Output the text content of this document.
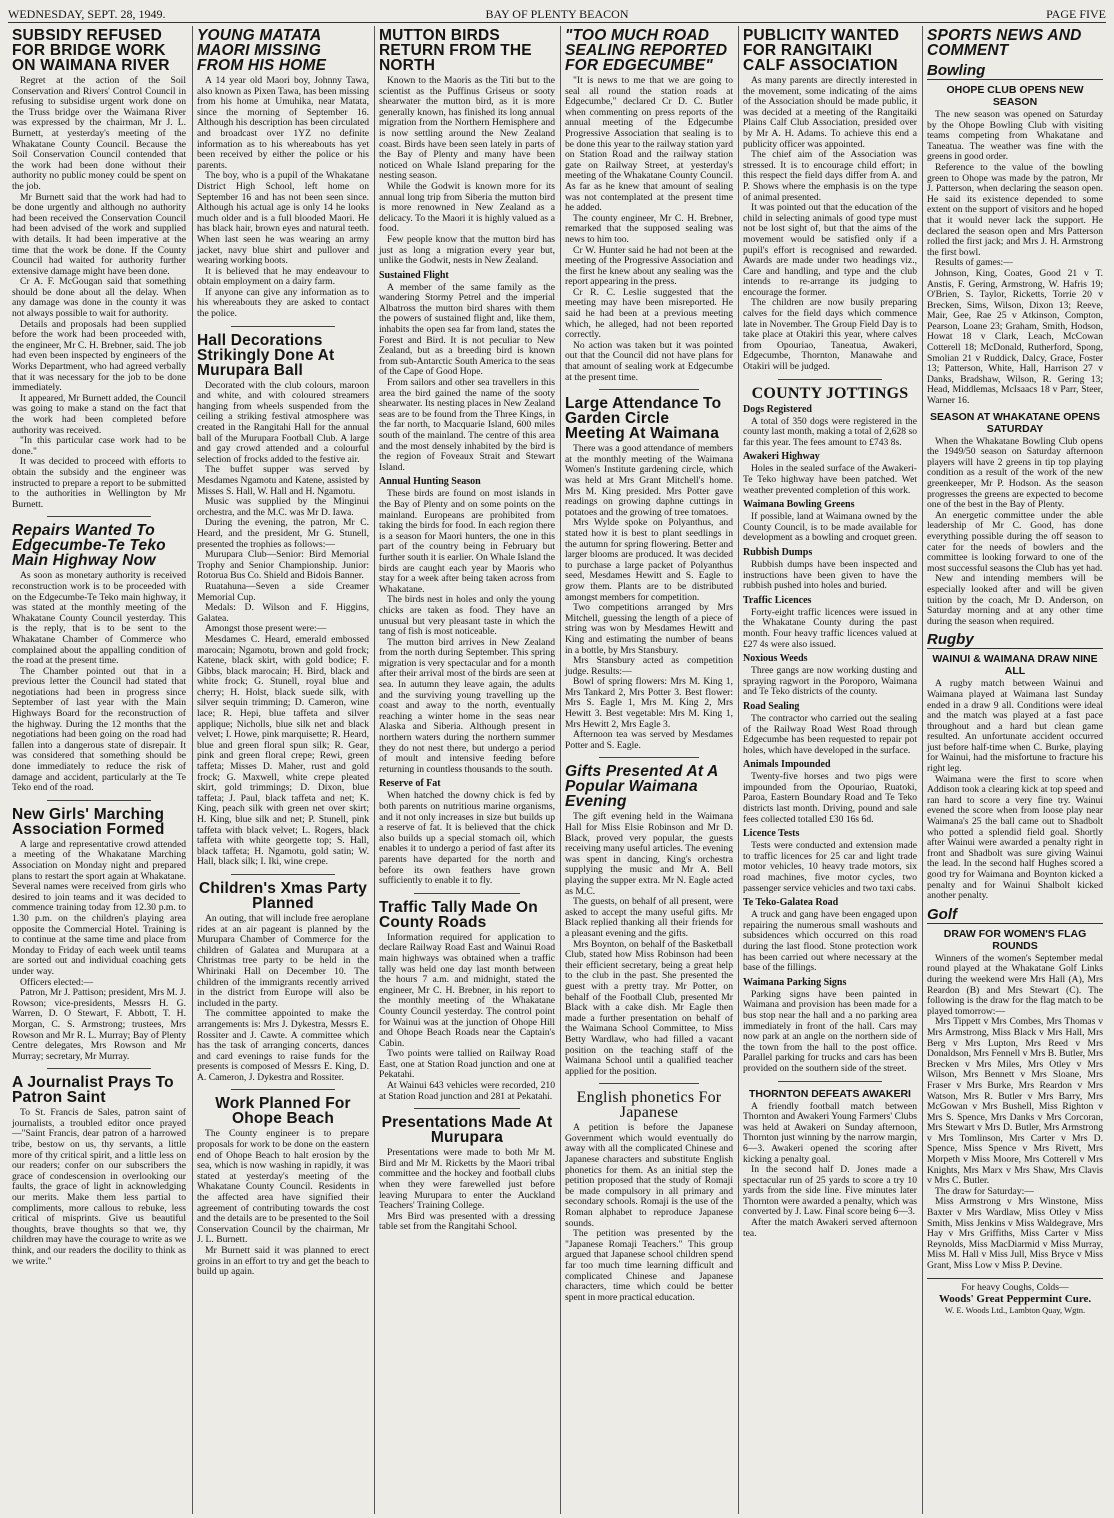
WEDNESDAY, SEPT. 28, 1949.	BAY OF PLENTY BEACON	PAGE FIVE
SUBSIDY REFUSED FOR BRIDGE WORK ON WAIMANA RIVER

Regret at the action of the Soil Conservation and Rivers' Control Council in refusing to subsidise urgent work done on the Truss bridge over the Waimana River was expressed by the chairman, Mr J. L. Burnett, at yesterday's meeting of the Whakatane County Council. Because the Soil Conservation Council contended that the work had been done without their authority no public money could be spent on the job.

Mr Burnett said that the work had had to be done urgently and although no authority had been received the Conservation Council had been advised of the work and supplied with details. It had been imperative at the time that the work be done. If the County Council had waited for authority further extensive damage might have been done.

Cr A. F. McGougan said that something should be done about all the delay. When any damage was done in the county it was not always possible to wait for authority.

Details and proposals had been supplied before the work had been proceeded with, the engineer, Mr C. H. Brebner, said. The job had even been inspected by engineers of the Works Department, who had agreed verbally that it was necessary for the job to be done immediately.

It appeared, Mr Burnett added, the Council was going to make a stand on the fact that the work had been completed before authority was received.

"In this particular case work had to be done."

It was decided to proceed with efforts to obtain the subsidy and the engineer was instructed to prepare a report to be submitted to the authorities in Wellington by Mr Burnett.

Repairs Wanted To Edgecumbe-Te Teko Main Highway Now

As soon as monetary authority is received reconstruction work is to be proceeded with on the Edgecumbe-Te Teko main highway, it was stated at the monthly meeting of the Whakatane County Council yesterday. This is the reply, that is to be sent to the Whakatane Chamber of Commerce who complained about the appalling condition of the road at the present time.

The Chamber pointed out that in a previous letter the Council had stated that negotiations had been in progress since September of last year with the Main Highways Board for the reconstruction of the highway. During the 12 months that the negotiations had been going on the road had fallen into a dangerous state of disrepair. It was considered that something should be done immediately to reduce the risk of damage and accident, particularly at the Te Teko end of the road.

New Girls' Marching Association Formed

A large and representative crowd attended a meeting of the Whakatane Marching Association on Monday night and prepared plans to restart the sport again at Whakatane. Several names were received from girls who desired to join teams and it was decided to commence training today from 12.30 p.m. to 1.30 p.m. on the children's playing area opposite the Commercial Hotel. Training is to continue at the same time and place from Monday to Friday of each week until teams are sorted out and individual coaching gets under way.

Officers elected:—

Patron, Mr J. Pattison; president, Mrs M. J. Rowson; vice-presidents, Messrs H. G. Warren, D. O Stewart, F. Abbott, T. H. Morgan, C. S. Armstrong; trustees, Mrs Rowson and Mr R. L. Murray; Bay of Plenty Centre delegates, Mrs Rowson and Mr Murray; secretary, Mr Murray.

A Journalist Prays To Patron Saint

To St. Francis de Sales, patron saint of journalists, a troubled editor once prayed—"Saint Francis, dear patron of a harrowed tribe, bestow on us, thy servants, a little more of thy critical spirit, and a little less on our readers; confer on our subscribers the grace of condescension in overlooking our faults, the grace of light in acknowledging our merits. Make them less partial to compliments, more callous to rebuke, less critical of misprints. Give us beautiful thoughts, brave thoughts so that we, thy children may have the courage to write as we think, and our readers the docility to think as we write."

YOUNG MATATA MAORI MISSING FROM HIS HOME

A 14 year old Maori boy, Johnny Tawa, also known as Pixen Tawa, has been missing from his home at Umuhika, near Matata, since the morning of September 16. Although his description has been circulated and broadcast over 1YZ no definite information as to his whereabouts has yet been received by either the police or his parents.

The boy, who is a pupil of the Whakatane District High School, left home on September 16 and has not been seen since. Although his actual age is only 14 he looks much older and is a full blooded Maori. He has black hair, brown eyes and natural teeth. When last seen he was wearing an army jacket, navy blue shirt and pullover and wearing working boots.

It is believed that he may endeavour to obtain employment on a dairy farm.

If anyone can give any information as to his whereabouts they are asked to contact the police.

Hall Decorations Strikingly Done At Murupara Ball

Decorated with the club colours, maroon and white, and with coloured streamers hanging from wheels suspended from the ceiling a striking festival atmosphere was created in the Rangitahi Hall for the annual ball of the Murupara Football Club. A large and gay crowd attended and a colourful selection of frocks added to the festive air.

The buffet supper was served by Mesdames Ngamotu and Katene, assisted by Misses S. Hall, W. Hall and H. Ngamotu.

Music was supplied by the Minginui orchestra, and the M.C. was Mr D. Iawa.

During the evening, the patron, Mr C. Heard, and the president, Mr G. Stunell, presented the trophies as follows:—

Murupara Club—Senior: Bird Memorial Trophy and Senior Championship. Junior: Rotorua Bus Co. Shield and Bidois Banner.

Ruatahuna—Seven a side Creamer Memorial Cup.

Medals: D. Wilson and F. Higgins, Galatea.

Amongst those present were:—

Mesdames C. Heard, emerald embossed marocain; Ngamotu, brown and gold frock; Katene, black skirt, with gold bodice; F. Gibbs, black marocain; H. Bird, black and white frock; G. Stunell, royal blue and cherry; H. Holst, black suede silk, with silver sequin trimming; D. Cameron, wine lace; R. Hepi, blue taffeta and silver applique; Nicholls, blue silk net and black velvet; I. Howe, pink marquisette; R. Heard, blue and green floral spun silk; R. Gear, pink and green floral crepe; Rewi, green taffeta; Misses D. Maher, rust and gold frock; G. Maxwell, white crepe pleated skirt, gold trimmings; D. Dixon, blue taffeta; J. Paul, black taffeta and net; K. King, peach silk with green net over skirt; H. King, blue silk and net; P. Stunell, pink taffeta with black velvet; L. Rogers, black taffeta with white georgette top; S. Hall, black taffeta; H. Ngamotu, gold satin; W. Hall, black silk; I. Iki, wine crepe.

Children's Xmas Party Planned

An outing, that will include free aeroplane rides at an air pageant is planned by the Murupara Chamber of Commerce for the children of Galatea and Murupara at a Christmas tree party to be held in the Whirinaki Hall on December 10. The children of the immigrants recently arrived in the district from Europe will also be included in the party.

The committee appointed to make the arrangements is: Mrs J. Dykestra, Messrs E. Rossiter and J. Cawte. A committee which has the task of arranging concerts, dances and card evenings to raise funds for the presents is composed of Messrs E. King, D. A. Cameron, J. Dykestra and Rossiter.

Work Planned For Ohope Beach

The County engineer is to prepare proposals for work to be done on the eastern end of Ohope Beach to halt erosion by the sea, which is now washing in rapidly, it was stated at yesterday's meeting of the Whakatane County Council. Residents in the affected area have signified their agreement of contributing towards the cost and the details are to be presented to the Soil Conservation Council by the chairman, Mr J. L. Burnett.

Mr Burnett said it was planned to erect groins in an effort to try and get the beach to build up again.

MUTTON BIRDS RETURN FROM THE NORTH

Known to the Maoris as the Titi but to the scientist as the Puffinus Griseus or sooty shearwater the mutton bird, as it is more generally known, has finished its long annual migration from the Northern Hemisphere and is now settling around the New Zealand coast. Birds have been seen lately in parts of the Bay of Plenty and many have been noticed on Whale Island preparing for the nesting season.

While the Godwit is known more for its annual long trip from Siberia the mutton bird is more renowned in New Zealand as a delicacy. To the Maori it is highly valued as a food.

Few people know that the mutton bird has just as long a migration every year but, unlike the Godwit, nests in New Zealand.

Sustained Flight

A member of the same family as the wandering Stormy Petrel and the imperial Albatross the mutton bird shares with them the powers of sustained flight and, like them, inhabits the open sea far from land, states the Forest and Bird. It is not peculiar to New Zealand, but as a breeding bird is known from sub-Antarctic South America to the seas of the Cape of Good Hope.

From sailors and other sea travellers in this area the bird gained the name of the sooty shearwater. Its nesting places in New Zealand seas are to be found from the Three Kings, in the far north, to Macquarie Island, 600 miles south of the mainland. The centre of this area and the most densely inhabited by the bird is the region of Foveaux Strait and Stewart Island.

Annual Hunting Season

These birds are found on most islands in the Bay of Plenty and on some points on the mainland. Europeans are prohibited from taking the birds for food. In each region there is a season for Maori hunters, the one in this part of the country being in February but further south it is earlier. On Whale Island the birds are caught each year by Maoris who stay for a week after being taken across from Whakatane.

The birds nest in holes and only the young chicks are taken as food. They have an unusual but very pleasant taste in which the tang of fish is most noticeable.

The mutton bird arrives in New Zealand from the north during September. This spring migration is very spectacular and for a month after their arrival most of the birds are seen at sea. In autumn they leave again, the adults and the surviving young travelling up the coast and away to the north, eventually reaching a winter home in the seas near Alaska and Siberia. Although present in northern waters during the northern summer they do not nest there, but undergo a period of moult and intensive feeding before returning in countless thousands to the south.

Reserve of Fat

When hatched the downy chick is fed by both parents on nutritious marine organisms, and it not only increases in size but builds up a reserve of fat. It is believed that the chick also builds up a special stomach oil, which enables it to undergo a period of fast after its parents have departed for the north and before its own feathers have grown sufficiently to enable it to fly.

Traffic Tally Made On County Roads

Information required for application to declare Railway Road East and Wainui Road main highways was obtained when a traffic tally was held one day last month between the hours 7 a.m. and midnight, stated the engineer, Mr C. H. Brebner, in his report to the monthly meeting of the Whakatane County Council yesterday. The control point for Wainui was at the junction of Ohope Hill and Ohope Beach Roads near the Captain's Cabin.

Two points were tallied on Railway Road East, one at Station Road junction and one at Pekatahi.

At Wainui 643 vehicles were recorded, 210 at Station Road junction and 281 at Pekatahi.

Presentations Made At Murupara

Presentations were made to both Mr M. Bird and Mr M. Ricketts by the Maori tribal committee and the hockey and football clubs when they were farewelled just before leaving Murupara to enter the Auckland Teachers' Training College.

Mrs Bird was presented with a dressing table set from the Rangitahi School.

"TOO MUCH ROAD SEALING REPORTED FOR EDGECUMBE"

"It is news to me that we are going to seal all round the station roads at Edgecumbe," declared Cr D. C. Butler when commenting on press reports of the annual meeting of the Edgecumbe Progressive Association that sealing is to be done this year to the railway station yard on Station Road and the railway station gate on Railway Street, at yesterday's meeting of the Whakatane County Council. As far as he knew that amount of sealing was not contemplated at the present time he added.

The county engineer, Mr C. H. Brebner, remarked that the supposed sealing was news to him too.

Cr W. Hunter said he had not been at the meeting of the Progressive Association and the first he knew about any sealing was the report appearing in the press.

Cr R. C. Leslie suggested that the meeting may have been misreported. He said he had been at a previous meeting which, he alleged, had not been reported correctly.

No action was taken but it was pointed out that the Council did not have plans for that amount of sealing work at Edgecumbe at the present time.

Large Attendance To Garden Circle Meeting At Waimana

There was a good attendance of members at the monthly meeting of the Waimana Women's Institute gardening circle, which was held at Mrs Grant Mitchell's home. Mrs M. King presided. Mrs Potter gave readings on growing daphne cuttings in potatoes and the growing of tree tomatoes.

Mrs Wylde spoke on Polyanthus, and stated how it is best to plant seedlings in the autumn for spring flowering. Better and larger blooms are produced. It was decided to purchase a large packet of Polyanthus seed, Mesdames Hewitt and S. Eagle to grow them. Plants are to be distributed amongst members for competition.

Two competitions arranged by Mrs Mitchell, guessing the length of a piece of string was won by Mesdames Hewitt and King and estimating the number of beans in a bottle, by Mrs Stansbury.

Mrs Stansbury acted as competition judge. Results:—

Bowl of spring flowers: Mrs M. King 1, Mrs Tankard 2, Mrs Potter 3. Best flower: Mrs S. Eagle 1, Mrs M. King 2, Mrs Hewitt 3. Best vegetable: Mrs M. King 1, Mrs Hewitt 2, Mrs Eagle 3.

Afternoon tea was served by Mesdames Potter and S. Eagle.

Gifts Presented At A Popular Waimana Evening

The gift evening held in the Waimana Hall for Miss Elsie Robinson and Mr D. Black, proved very popular, the guests receiving many useful articles. The evening was spent in dancing, King's orchestra supplying the music and Mr A. Bell playing the supper extra. Mr N. Eagle acted as M.C.

The guests, on behalf of all present, were asked to accept the many useful gifts. Mr Black replied thanking all their friends for a pleasant evening and the gifts.

Mrs Boynton, on behalf of the Basketball Club, stated how Miss Robinson had been their efficient secretary, being a great help to the club in the past. She presented the guest with a pretty tray. Mr Potter, on behalf of the Football Club, presented Mr Black with a cake dish. Mr Eagle then made a further presentation on behalf of the Waimana School Committee, to Miss Betty Wardlaw, who had filled a vacant position on the teaching staff of the Waimana School until a qualified teacher applied for the position.

English phonetics For Japanese

A petition is before the Japanese Government which would eventually do away with all the complicated Chinese and Japanese characters and substitute English phonetics for them. As an initial step the petition proposed that the study of Romaji be made compulsory in all primary and secondary schools. Romaji is the use of the Roman alphabet to reproduce Japanese sounds.

The petition was presented by the "Japanese Romaji Teachers." This group argued that Japanese school children spend far too much time learning difficult and complicated Chinese and Japanese characters, time which could be better spent in more practical education.

PUBLICITY WANTED FOR RANGITAIKI CALF ASSOCIATION

As many parents are directly interested in the movement, some indicating of the aims of the Association should be made public, it was decided at a meeting of the Rangitaiki Plains Calf Club Association, presided over by Mr A. H. Adams. To achieve this end a publicity officer was appointed.

The chief aim of the Association was stressed. It is to encourage child effort; in this respect the field days differ from A. and P. Shows where the emphasis is on the type of animal presented.

It was pointed out that the education of the child in selecting animals of good type must not be lost sight of, but that the aims of the movement would be satisfied only if a pupil's effort is recognised and rewarded. Awards are made under two headings viz., Care and handling, and type and the club intends to re-arrange its judging to encourage the former.

The children are now busily preparing calves for the field days which commence late in November. The Group Field Day is to take place at Otakiri this year, where calves from Opouriao, Taneatua, Awakeri, Edgecumbe, Thornton, Manawahe and Otakiri will be judged.

COUNTY JOTTINGS
Dogs Registered

A total of 350 dogs were registered in the county last month, making a total of 2,628 so far this year. The fees amount to £743 8s.

Awakeri Highway

Holes in the sealed surface of the Awakeri-Te Teko highway have been patched. Wet weather prevented completion of this work.

Waimana Bowling Greens

If possible, land at Waimana owned by the County Council, is to be made available for development as a bowling and croquet green.

Rubbish Dumps

Rubbish dumps have been inspected and instructions have been given to have the rubbish pushed into holes and buried.

Traffic Licences

Forty-eight traffic licences were issued in the Whakatane County during the past month. Four heavy traffic licences valued at £27 4s were also issued.

Noxious Weeds

Three gangs are now working dusting and spraying ragwort in the Poroporo, Waimana and Te Teko districts of the county.

Road Sealing

The contractor who carried out the sealing of the Railway Road West Road through Edgecumbe has been requested to repair pot holes, which have developed in the surface.

Animals Impounded

Twenty-five horses and two pigs were impounded from the Opouriao, Ruatoki, Paroa, Eastern Boundary Road and Te Teko districts last month. Driving, pound and sale fees collected totalled £30 16s 6d.

Licence Tests

Tests were conducted and extension made to traffic licences for 25 car and light trade motor vehicles, 10 heavy trade motors, six road machines, five motor cycles, two passenger service vehicles and two taxi cabs.

Te Teko-Galatea Road

A truck and gang have been engaged upon repairing the numerous small washouts and subsidences which occurred on this road during the last flood. Stone protection work has been carried out where necessary at the base of the fillings.

Waimana Parking Signs

Parking signs have been painted in Waimana and provision has been made for a bus stop near the hall and a no parking area immediately in front of the hall. Cars may now park at an angle on the northern side of the town from the hall to the post office. Parallel parking for trucks and cars has been provided on the southern side of the street.

THORNTON DEFEATS AWAKERI

A friendly football match between Thornton and Awakeri Young Farmers' Clubs was held at Awakeri on Sunday afternoon, Thornton just winning by the narrow margin, 6—3. Awakeri opened the scoring after kicking a penalty goal.

In the second half D. Jones made a spectacular run of 25 yards to score a try 10 yards from the side line. Five minutes later Thornton were awarded a penalty, which was converted by J. Law. Final score being 6—3.

After the match Awakeri served afternoon tea.

SPORTS NEWS AND COMMENT
Bowling
OHOPE CLUB OPENS NEW SEASON

The new season was opened on Saturday by the Ohope Bowling Club with visiting teams competing from Whakatane and Taneatua. The weather was fine with the greens in good order.

Reference to the value of the bowling green to Ohope was made by the patron, Mr J. Patterson, when declaring the season open. He said its existence depended to some extent on the support of visitors and he hoped that it would never lack the support. He declared the season open and Mrs Patterson rolled the first jack; and Mrs J. H. Armstrong the first bowl.

Results of games:—

Johnson, King, Coates, Good 21 v T. Anstis, F. Gering, Armstrong, W. Hafris 19; O'Brien, S. Taylor, Ricketts, Torrie 20 v Brecken, Sims, Wilson, Dixon 13; Reeve, Mair, Gee, Rae 25 v Atkinson, Compton, Pearson, Loane 23; Graham, Smith, Hodson, Howat 18 v Clark, Leach, McCowan Cotterell 18; McDonald, Rutherford, Spong, Smolian 21 v Ruddick, Dalcy, Grace, Foster 13; Patterson, White, Hall, Harrison 27 v Danks, Bradshaw, Wilson, R. Gering 13; Head, Middlemas, McIsaacs 18 v Parr, Steer, Warner 16.

SEASON AT WHAKATANE OPENS SATURDAY

When the Whakatane Bowling Club opens the 1949/50 season on Saturday afternoon players will have 2 greens in tip top playing condition as a result of the work of the new greenkeeper, Mr P. Hodson. As the season progresses the greens are expected to become one of the best in the Bay of Plenty.

An energetic committee under the able leadership of Mr C. Good, has done everything possible during the off season to cater for the needs of bowlers and the committee is looking forward to one of the most successful seasons the Club has yet had.

New and intending members will be especially looked after and will be given tuition by the coach, Mr D. Anderson, on Saturday morning and at any other time during the season when required.

Rugby
WAINUI & WAIMANA DRAW NINE ALL

A rugby match between Wainui and Waimana played at Waimana last Sunday ended in a draw 9 all. Conditions were ideal and the match was played at a fast pace throughout and a hard but clean game resulted. An unfortunate accident occurred just before half-time when C. Burke, playing for Wainui, had the misfortune to fracture his right leg.

Waimana were the first to score when Addison took a clearing kick at top speed and ran hard to score a very fine try. Wainui evened the score when from loose play near Waimana's 25 the ball came out to Shadbolt who potted a splendid field goal. Shortly after Wainui were awarded a penalty right in front and Shadbolt was sure giving Wainui the lead. In the second half Hughes scored a good try for Waimana and Boynton kicked a penalty and for Wainui Shalbolt kicked another penalty.

Golf
DRAW FOR WOMEN'S FLAG ROUNDS

Winners of the women's September medal round played at the Whakatane Golf Links during the weekend were Mrs Hall (A), Mrs Reardon (B) and Mrs Stewart (C). The following is the draw for the flag match to be played tomorrow:—

Mrs Tippett v Mrs Combes, Mrs Thomas v Mrs Armstrong, Miss Black v Mrs Hall, Mrs Berg v Mrs Lupton, Mrs Reed v Mrs Donaldson, Mrs Fennell v Mrs B. Butler, Mrs Brecken v Mrs Miles, Mrs Otley v Mrs Wilson, Mrs Bennett v Mrs Sloane, Mrs Fraser v Mrs Burke, Mrs Reardon v Mrs Watson, Mrs R. Butler v Mrs Barry, Mrs McGowan v Mrs Bushell, Miss Righton v Mrs S. Spence, Mrs Danks v Mrs Corcoran, Mrs Stewart v Mrs D. Butler, Mrs Armstrong v Mrs Tomlinson, Mrs Carter v Mrs D. Spence, Miss Spence v Mrs Rivett, Mrs Morpeth v Miss Moore, Mrs Cotterell v Mrs Knights, Mrs Marx v Mrs Shaw, Mrs Clavis v Mrs C. Butler.

The draw for Saturday:—

Miss Armstrong v Mrs Winstone, Miss Baxter v Mrs Wardlaw, Miss Otley v Miss Smith, Miss Jenkins v Miss Waldegrave, Mrs Hay v Mrs Griffiths, Miss Carter v Miss Reynolds, Miss MacDiarmid v Miss Murray, Miss M. Hall v Miss Jull, Miss Bryce v Miss Grant, Miss Low v Miss P. Devine.

For heavy Coughs, Colds—
Woods' Great Peppermint Cure.
W. E. Woods Ltd., Lambton Quay, Wgtn.
